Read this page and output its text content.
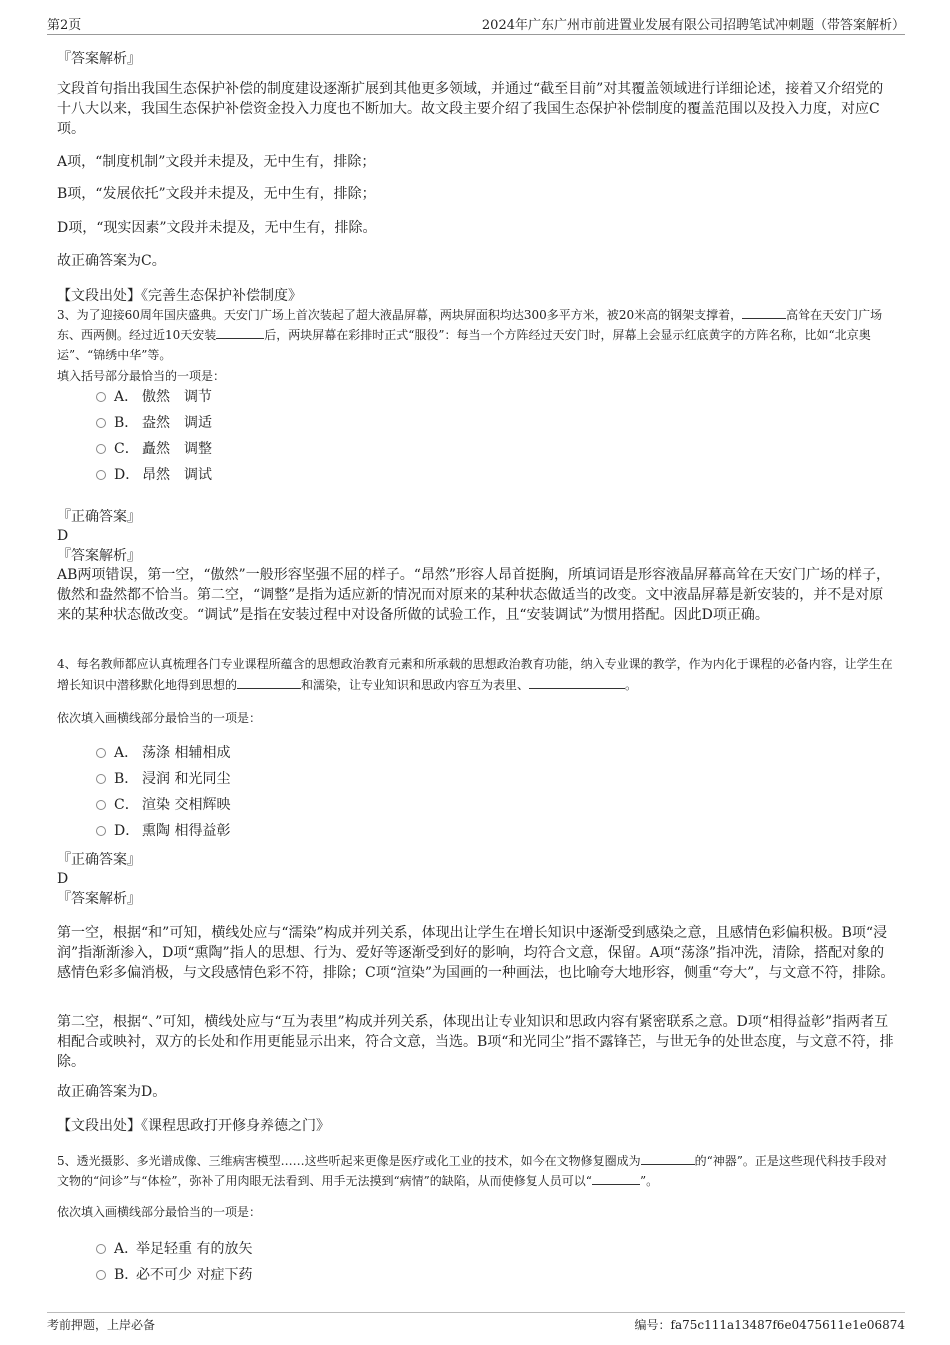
第2页	2024年广东广州市前进置业发展有限公司招聘笔试冲刺题（带答案解析）
『答案解析』
文段首句指出我国生态保护补偿的制度建设逐渐扩展到其他更多领域，并通过“截至目前”对其覆盖领域进行详细论述，接着又介绍党的十八大以来，我国生态保护补偿资金投入力度也不断加大。故文段主要介绍了我国生态保护补偿制度的覆盖范围以及投入力度，对应C项。
A项，“制度机制”文段并未提及，无中生有，排除；
B项，“发展依托”文段并未提及，无中生有，排除；
D项，“现实因素”文段并未提及，无中生有，排除。
故正确答案为C。
【文段出处】《完善生态保护补偿制度》
3、为了迎接60周年国庆盛典。天安门广场上首次装起了超大液晶屏幕，两块屏面积均达300多平方米，被20米高的钢架支撑着，	高耸在天安门广场东、西两侧。经过近10天安装	后，两块屏幕在彩排时正式“服役”：每当一个方阵经过天安门时，屏幕上会显示红底黄字的方阵名称，比如“北京奥运”、“锦绣中华”等。
填入括号部分最恰当的一项是：
A． 傲然　调节
B． 盎然　调适
C． 矗然　调整
D． 昂然　调试
『正确答案』
D
『答案解析』
AB两项错误，第一空，“傲然”一般形容坚强不屈的样子。“昂然”形容人昂首挺胸，所填词语是形容液晶屏幕高耸在天安门广场的样子，傲然和盎然都不恰当。第二空，“调整”是指为适应新的情况而对原来的某种状态做适当的改变。文中液晶屏幕是新安装的，并不是对原来的某种状态做改变。“调试”是指在安装过程中对设备所做的试验工作，且“安装调试”为惯用搭配。因此D项正确。
4、每名教师都应认真梳理各门专业课程所蕴含的思想政治教育元素和所承载的思想政治教育功能，纳入专业课的教学，作为内化于课程的必备内容，让学生在增长知识中潜移默化地得到思想的	和濡染，让专业知识和思政内容互为表里、	。
依次填入画横线部分最恰当的一项是：
A． 荡涤 相辅相成
B． 浸润 和光同尘
C． 渲染 交相辉映
D． 熏陶 相得益彰
『正确答案』
D
『答案解析』
第一空，根据“和”可知，横线处应与“濡染”构成并列关系，体现出让学生在增长知识中逐渐受到感染之意，且感情色彩偏积极。B项“浸润”指渐渐渗入，D项“熏陶”指人的思想、行为、爱好等逐渐受到好的影响，均符合文意，保留。A项“荡涤”指冲洗，清除，搭配对象的感情色彩多偏消极，与文段感情色彩不符，排除；C项“渲染”为国画的一种画法，也比喻夸大地形容，侧重“夸大”，与文意不符，排除。
第二空，根据“、”可知，横线处应与“互为表里”构成并列关系，体现出让专业知识和思政内容有紧密联系之意。D项“相得益彰”指两者互相配合或映衬，双方的长处和作用更能显示出来，符合文意，当选。B项“和光同尘”指不露锋芒，与世无争的处世态度，与文意不符，排除。
故正确答案为D。
【文段出处】《课程思政打开修身养德之门》
5、透光摄影、多光谱成像、三维病害模型……这些听起来更像是医疗或化工业的技术，如今在文物修复圈成为	的“神器”。正是这些现代科技手段对文物的“问诊”与“体检”，弥补了用肉眼无法看到、用手无法摸到“病情”的缺陷，从而使修复人员可以“	”。
依次填入画横线部分最恰当的一项是：
A．举足轻重 有的放矢
B．必不可少 对症下药
考前押题，上岸必备	编号：fa75c111a13487f6e0475611e1e06874
